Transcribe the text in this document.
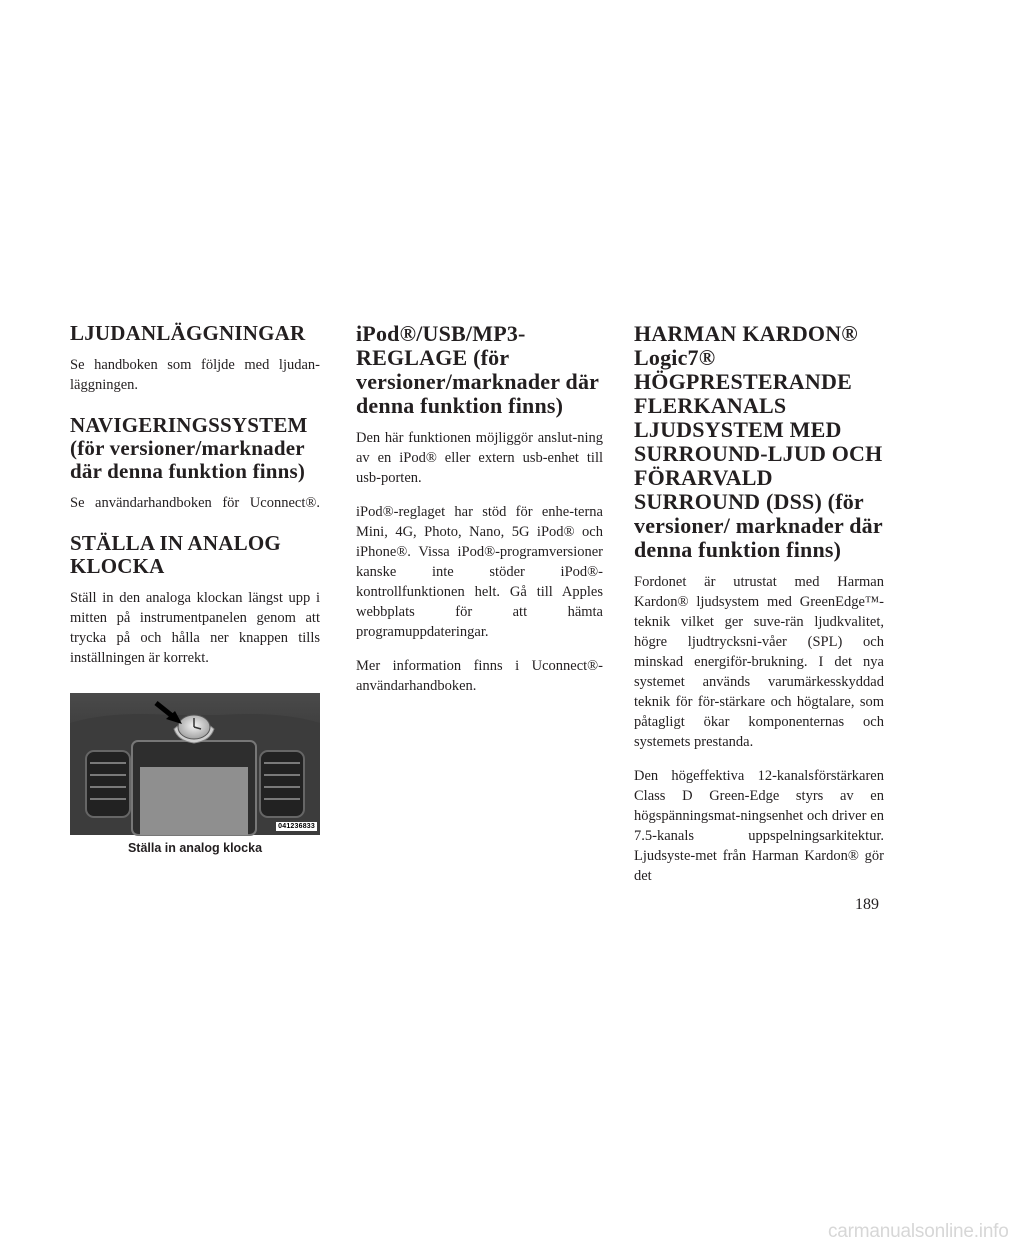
LJUDANLÄGGNINGAR

Se handboken som följde med ljudan-läggningen.

NAVIGERINGSSYSTEM (för versioner/marknader där denna funktion finns)

Se användarhandboken för Uconnect®.

STÄLLA IN ANALOG KLOCKA

Ställ in den analoga klockan längst upp i mitten på instrumentpanelen genom att trycka på och hålla ner knappen tills inställningen är korrekt.

041236833
Ställa in analog klocka
iPod®/USB/MP3-REGLAGE (för versioner/marknader där denna funktion finns)

Den här funktionen möjliggör anslut-ning av en iPod® eller extern usb-enhet till usb-porten.

iPod®-reglaget har stöd för enhe-terna Mini, 4G, Photo, Nano, 5G iPod® och iPhone®. Vissa iPod®-programversioner kanske inte stöder iPod®-kontrollfunktionen helt. Gå till Apples webbplats för att hämta programuppdateringar.

Mer information finns i Uconnect®-användarhandboken.

HARMAN KARDON® Logic7® HÖGPRESTERANDE FLERKANALS LJUDSYSTEM MED SURROUND-LJUD OCH FÖRARVALD SURROUND (DSS) (för versioner/ marknader där denna funktion finns)

Fordonet är utrustat med Harman Kardon® ljudsystem med GreenEdge™-teknik vilket ger suve-rän ljudkvalitet, högre ljudtrycksni-våer (SPL) och minskad energiför-brukning. I det nya systemet används varumärkesskyddad teknik för för-stärkare och högtalare, som påtagligt ökar komponenternas och systemets prestanda.

Den högeffektiva 12-kanalsförstärkaren Class D Green-Edge styrs av en högspänningsmat-ningsenhet och driver en 7.5-kanals uppspelningsarkitektur. Ljudsyste-met från Harman Kardon® gör det

189
carmanualsonline.info
